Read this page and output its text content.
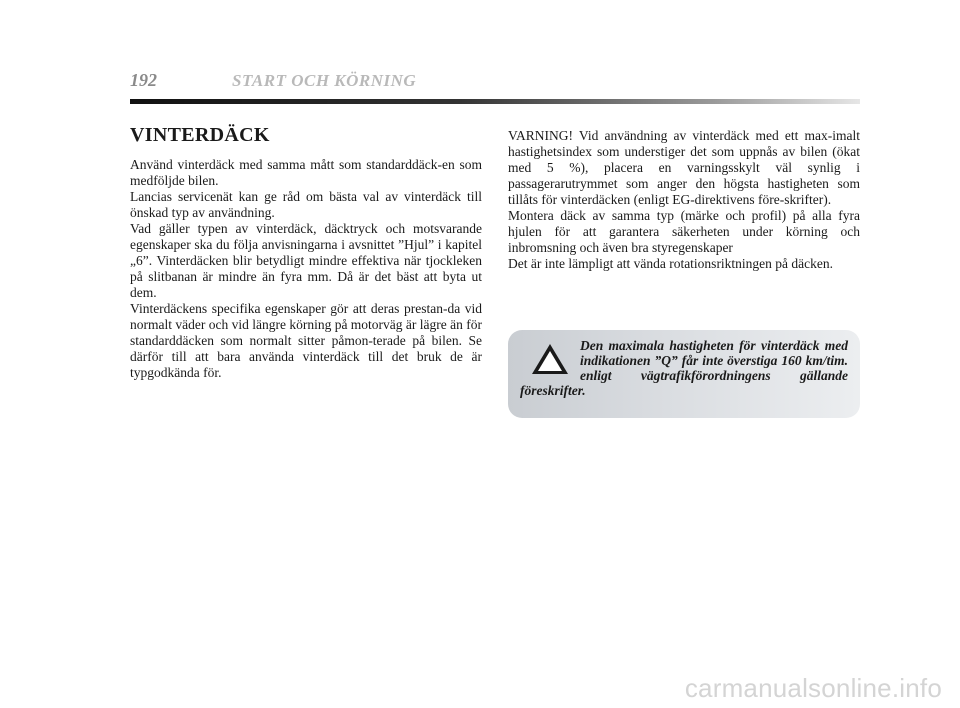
192	START OCH KÖRNING
VINTERDÄCK

Använd vinterdäck med samma mått som standarddäck-en som medföljde bilen.

Lancias servicenät kan ge råd om bästa val av vinterdäck till önskad typ av användning.

Vad gäller typen av vinterdäck, däcktryck och motsvarande egenskaper ska du följa anvisningarna i avsnittet ”Hjul” i kapitel „6”. Vinterdäcken blir betydligt mindre effektiva när tjockleken på slitbanan är mindre än fyra mm. Då är det bäst att byta ut dem.

Vinterdäckens specifika egenskaper gör att deras prestan-da vid normalt väder och vid längre körning på motorväg är lägre än för standarddäcken som normalt sitter påmon-terade på bilen. Se därför till att bara använda vinterdäck till det bruk de är typgodkända för.

VARNING! Vid användning av vinterdäck med ett max-imalt hastighetsindex som understiger det som uppnås av bilen (ökat med 5 %), placera en varningsskylt väl synlig i passagerarutrymmet som anger den högsta hastigheten som tillåts för vinterdäcken (enligt EG-direktivens före-skrifter).

Montera däck av samma typ (märke och profil) på alla fyra hjulen för att garantera säkerheten under körning och inbromsning och även bra styregenskaper

Det är inte lämpligt att vända rotationsriktningen på däcken.

Den maximala hastigheten för vinterdäck med indikationen ”Q” får inte överstiga 160 km/tim. enligt vägtrafikförordningens gällande föreskrifter.

carmanualsonline.info
